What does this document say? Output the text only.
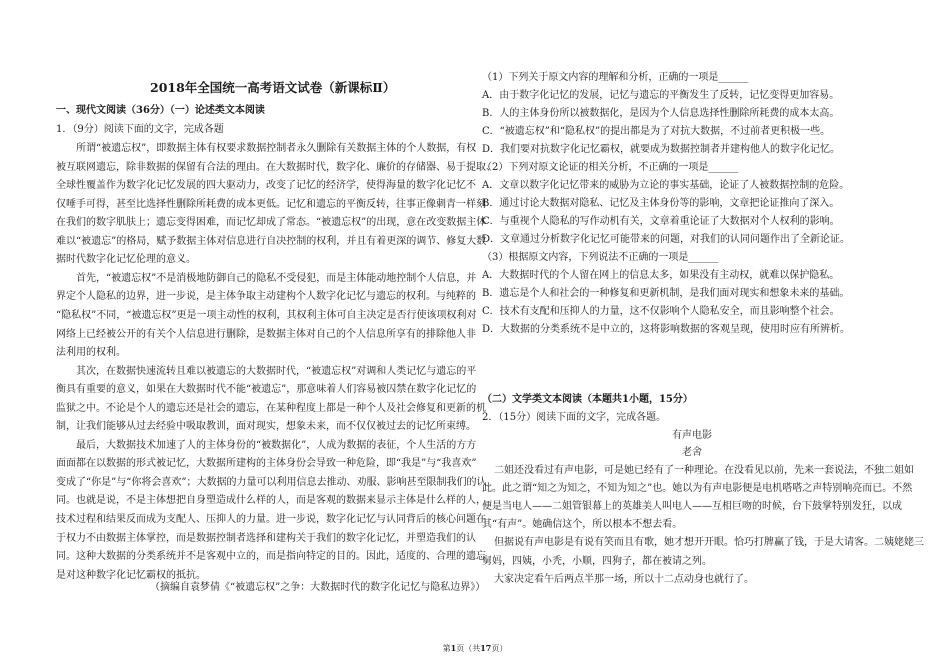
2018年全国统一高考语文试卷（新课标Ⅱ）
一、现代文阅读（36分）（一）论述类文本阅读
1．（9分）阅读下面的文字，完成各题
所谓“被遗忘权”，即数据主体有权要求数据控制者永久删除有关数据主体的个人数据，有权
被互联网遗忘，除非数据的保留有合法的理由。在大数据时代，数字化、廉价的存储器、易于提取、
全球性覆盖作为数字化记忆发展的四大驱动力，改变了记忆的经济学，使得海量的数字化记忆不
仅唾手可得，甚至比选择性删除所耗费的成本更低。记忆和遗忘的平衡反转，往事正像刺青一样刻
在我们的数字肌肤上；遗忘变得困难，而记忆却成了常态。“被遗忘权”的出现，意在改变数据主体
难以“被遗忘”的格局，赋予数据主体对信息进行自决控制的权利，并且有着更深的调节、修复大数
据时代数字化记忆伦理的意义。
首先，“被遗忘权”不是消极地防御自己的隐私不受侵犯，而是主体能动地控制个人信息，并
界定个人隐私的边界，进一步说，是主体争取主动建构个人数字化记忆与遗忘的权利。与纯粹的
“隐私权”不同，“被遗忘权”更是一项主动性的权利，其权利主体可自主决定是否行使该项权利对
网络上已经被公开的有关个人信息进行删除，是数据主体对自己的个人信息所享有的排除他人非
法利用的权利。
其次，在数据快速流转且难以被遗忘的大数据时代，“被遗忘权”对调和人类记忆与遗忘的平
衡具有重要的意义，如果在大数据时代不能“被遗忘”，那意味着人们容易被囚禁在数字化记忆的
监狱之中。不论是个人的遗忘还是社会的遗忘，在某种程度上都是一种个人及社会修复和更新的机
制，让我们能够从过去经验中吸取教训，面对现实，想象未来，而不仅仅被过去的记忆所束缚。
最后，大数据技术加速了人的主体身份的“被数据化”，人成为数据的表征，个人生活的方方
面面都在以数据的形式被记忆，大数据所建构的主体身份会导致一种危险，即“我是”与“我喜欢”
变成了“你是”与“你将会喜欢”；大数据的力量可以利用信息去推动、劝服、影响甚至限制我们的认
同。也就是说，不是主体想把自身塑造成什么样的人，而是客观的数据来显示主体是什么样的人，
技术过程和结果反而成为支配人、压抑人的力量。进一步说，数字化记忆与认同背后的核心问题在
于权力不由数据主体掌控，而是数据控制者选择和建构关于我们的数字化记忆，并塑造我们的认
同。这种大数据的分类系统并不是客观中立的，而是指向特定的目的。因此，适度的、合理的遗忘
是对这种数字化记忆霸权的抵抗。
（摘编自袁梦倩《“被遗忘权”之争：大数据时代的数字化记忆与隐私边界》）
（1）下列关于原文内容的理解和分析，正确的一项是______
A．由于数字化记忆的发展，记忆与遗忘的平衡发生了反转，记忆变得更加容易。
B．人的主体身份所以被数据化，是因为个人信息选择性删除所耗费的成本太高。
C．“被遗忘权”和“隐私权”的提出都是为了对抗大数据，不过前者更积极一些。
D．我们要对抗数字化记忆霸权，就要成为数据控制者并建构他人的数字化记忆。
（2）下列对原文论证的相关分析，不正确的一项是______
A．文章以数字化记忆带来的威胁为立论的事实基础，论证了人被数据控制的危险。
B．通过讨论大数据对隐私、记忆及主体身份等的影响，文章把论证推向了深入。
C．与重视个人隐私的写作动机有关，文章着重论证了大数据对个人权利的影响。
D．文章通过分析数字化记忆可能带来的问题，对我们的认同问题作出了全新论证。
（3）根据原文内容，下列说法不正确的一项是______
A．大数据时代的个人留在网上的信息太多，如果没有主动权，就难以保护隐私。
B．遗忘是个人和社会的一种修复和更新机制，是我们面对现实和想象未来的基础。
C．技术有支配和压抑人的力量，这不仅影响个人隐私安全，而且影响整个社会。
D．大数据的分类系统不是中立的，这将影响数据的客观呈现，使用时应有所辨析。
（二）文学类文本阅读（本题共1小题，15分）
2．（15分）阅读下面的文字，完成各题。
有声电影
老舍
二姐还没看过有声电影，可是她已经有了一种理论。在没看见以前，先来一套说法，不独二姐如
此。此之谓“知之为知之，不知为知之”也。她以为有声电影便是电机嗒嗒之声特别响亮而已。不然
便是当电人——二姐管银幕上的英雄美人叫电人——互相巨吻的时候，台下鼓掌特别发狂，以成
其“有声”。她确信这个，所以根本不想去看。
但据说有声电影是有说有笑而且有歌，她才想开开眼。恰巧打牌赢了钱，于是大请客。二姨姥姥三
舅妈，四姨，小秃，小顺，四狗子，都在被请之列。
大家决定看午后两点半那一场，所以十二点动身也就行了。
第1页（共17页）
